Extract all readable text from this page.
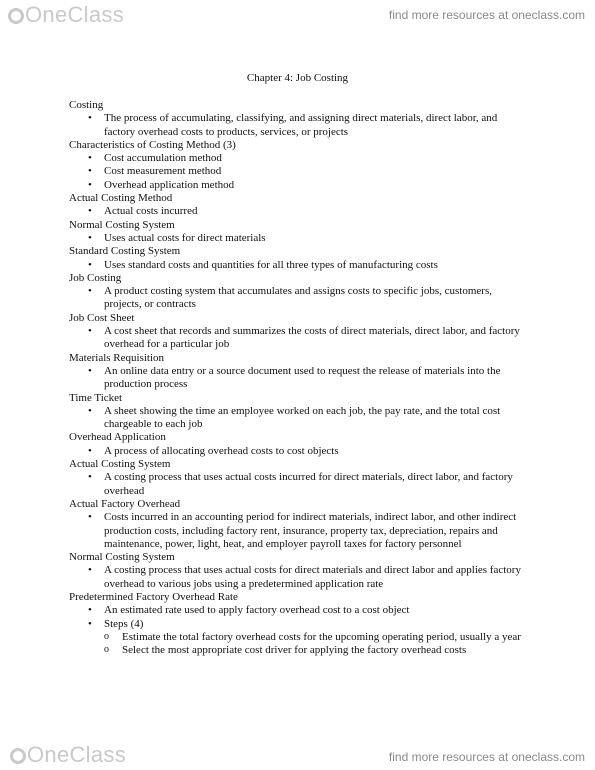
OneClass	find more resources at oneclass.com
Chapter 4: Job Costing
Costing
• The process of accumulating, classifying, and assigning direct materials, direct labor, and factory overhead costs to products, services, or projects
Characteristics of Costing Method (3)
• Cost accumulation method
• Cost measurement method
• Overhead application method
Actual Costing Method
• Actual costs incurred
Normal Costing System
• Uses actual costs for direct materials
Standard Costing System
• Uses standard costs and quantities for all three types of manufacturing costs
Job Costing
• A product costing system that accumulates and assigns costs to specific jobs, customers, projects, or contracts
Job Cost Sheet
• A cost sheet that records and summarizes the costs of direct materials, direct labor, and factory overhead for a particular job
Materials Requisition
• An online data entry or a source document used to request the release of materials into the production process
Time Ticket
• A sheet showing the time an employee worked on each job, the pay rate, and the total cost chargeable to each job
Overhead Application
• A process of allocating overhead costs to cost objects
Actual Costing System
• A costing process that uses actual costs incurred for direct materials, direct labor, and factory overhead
Actual Factory Overhead
• Costs incurred in an accounting period for indirect materials, indirect labor, and other indirect production costs, including factory rent, insurance, property tax, depreciation, repairs and maintenance, power, light, heat, and employer payroll taxes for factory personnel
Normal Costing System
• A costing process that uses actual costs for direct materials and direct labor and applies factory overhead to various jobs using a predetermined application rate
Predetermined Factory Overhead Rate
• An estimated rate used to apply factory overhead cost to a cost object
• Steps (4)
o Estimate the total factory overhead costs for the upcoming operating period, usually a year
o Select the most appropriate cost driver for applying the factory overhead costs
OneClass	find more resources at oneclass.com
